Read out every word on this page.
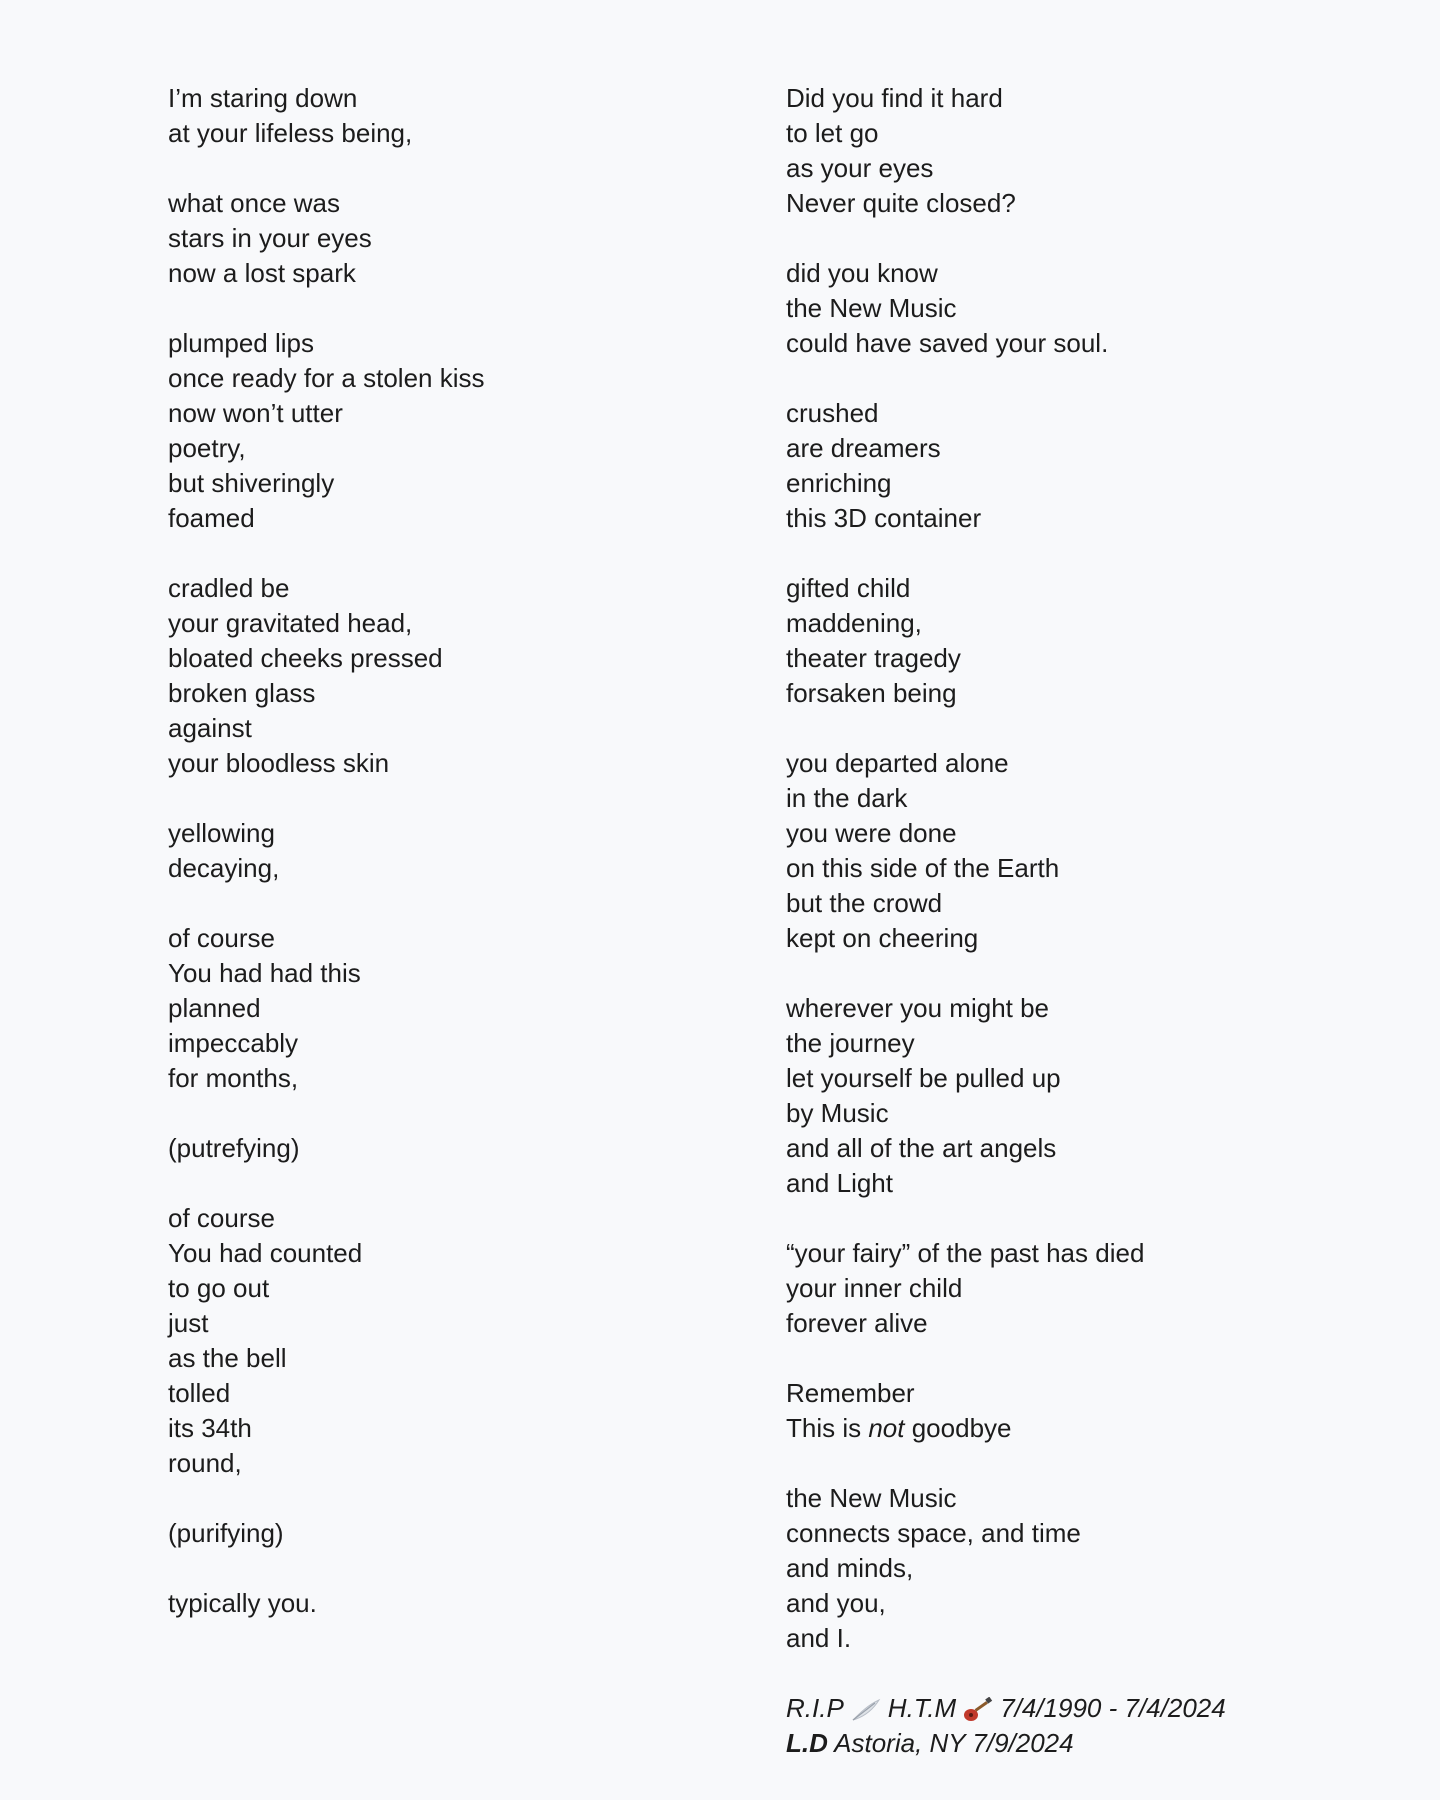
I’m staring down
at your lifeless being,
what once was
stars in your eyes
now a lost spark
plumped lips
once ready for a stolen kiss
now won’t utter
poetry,
but shiveringly
foamed
cradled be
your gravitated head,
bloated cheeks pressed
broken glass
against
your bloodless skin
yellowing
decaying,
of course
You had had this
planned
impeccably
for months,
(putrefying)
of course
You had counted
to go out
just
as the bell
tolled
its 34th
round,
(purifying)
typically you.
Did you find it hard
to let go
as your eyes
Never quite closed?
did you know
the New Music
could have saved your soul.
crushed
are dreamers
enriching
this 3D container
gifted child
maddening,
theater tragedy
forsaken being
you departed alone
in the dark
you were done
on this side of the Earth
but the crowd
kept on cheering
wherever you might be
the journey
let yourself be pulled up
by Music
and all of the art angels
and Light
“your fairy” of the past has died
your inner child
forever alive
Remember
This is not goodbye
the New Music
connects space, and time
and minds,
and you,
and I.
R.I.P H.T.M 7/4/1990 - 7/4/2024
L.D Astoria, NY 7/9/2024
